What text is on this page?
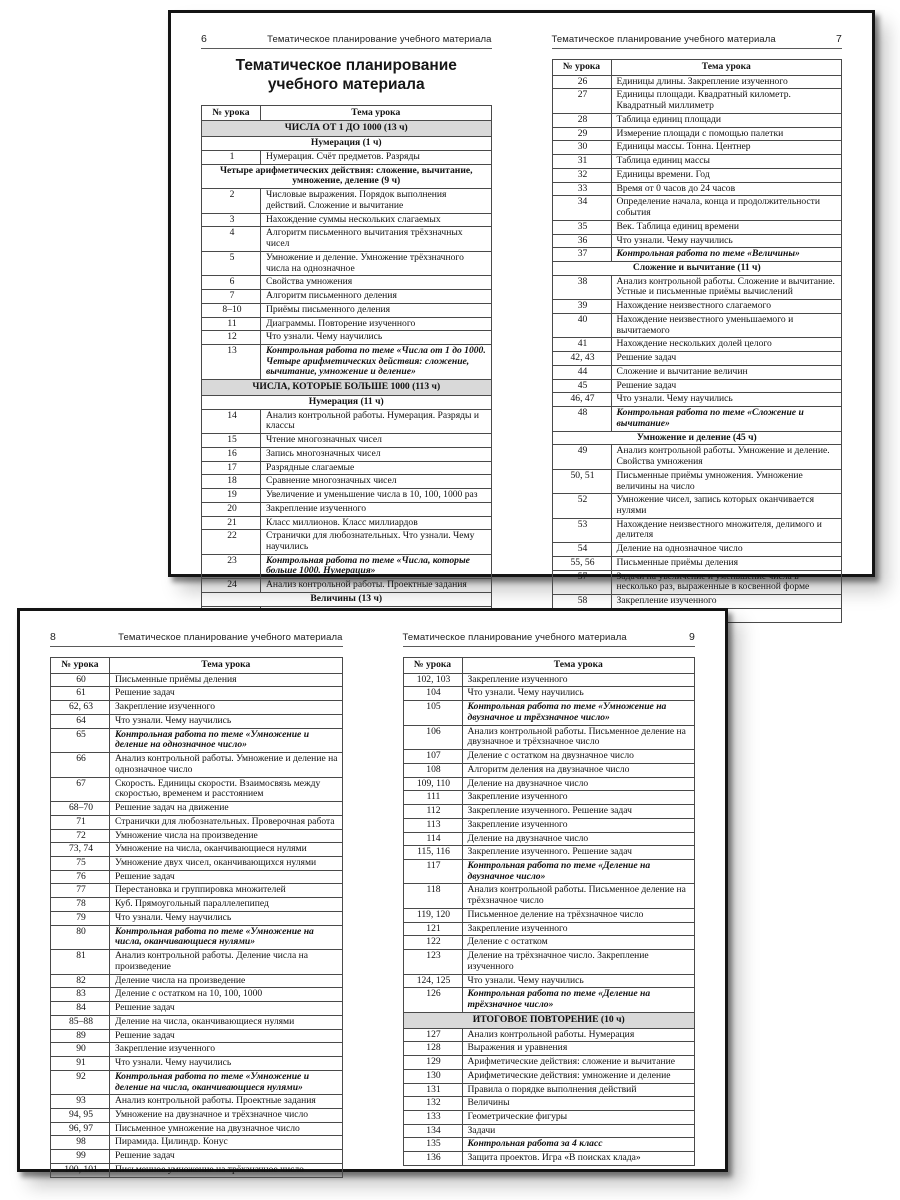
6	Тематическое планирование учебного материала
Тематическое планирование
учебного материала
№ урока	Тема урока
ЧИСЛА ОТ 1 ДО 1000 (13 ч)	
Нумерация (1 ч)	
1	Нумерация. Счёт предметов. Разряды
Четыре арифметических действия: сложение, вычитание, умножение, деление (9 ч)	
2	Числовые выражения. Порядок выполнения действий. Сложение и вычитание
3	Нахождение суммы нескольких слагаемых
4	Алгоритм письменного вычитания трёхзначных чисел
5	Умножение и деление. Умножение трёхзначного числа на однозначное
6	Свойства умножения
7	Алгоритм письменного деления
8–10	Приёмы письменного деления
11	Диаграммы. Повторение изученного
12	Что узнали. Чему научились
13	Контрольная работа по теме «Числа от 1 до 1000. Четыре арифметических действия: сложение, вычитание, умножение и деление»
ЧИСЛА, КОТОРЫЕ БОЛЬШЕ 1000 (113 ч)	
Нумерация (11 ч)	
14	Анализ контрольной работы. Нумерация. Разряды и классы
15	Чтение многозначных чисел
16	Запись многозначных чисел
17	Разрядные слагаемые
18	Сравнение многозначных чисел
19	Увеличение и уменьшение числа в 10, 100, 1000 раз
20	Закрепление изученного
21	Класс миллионов. Класс миллиардов
22	Странички для любознательных. Что узнали. Чему научились
23	Контрольная работа по теме «Числа, которые больше 1000. Нумерация»
24	Анализ контрольной работы. Проектные задания
Величины (13 ч)	

Тематическое планирование учебного материала	7
№ урока	Тема урока
26	Единицы длины. Закрепление изученного
27	Единицы площади. Квадратный километр. Квадратный миллиметр
28	Таблица единиц площади
29	Измерение площади с помощью палетки
30	Единицы массы. Тонна. Центнер
31	Таблица единиц массы
32	Единицы времени. Год
33	Время от 0 часов до 24 часов
34	Определение начала, конца и продолжительности события
35	Век. Таблица единиц времени
36	Что узнали. Чему научились
37	Контрольная работа по теме «Величины»
Сложение и вычитание (11 ч)	
38	Анализ контрольной работы. Сложение и вычитание. Устные и письменные приёмы вычислений
39	Нахождение неизвестного слагаемого
40	Нахождение неизвестного уменьшаемого и вычитаемого
41	Нахождение нескольких долей целого
42, 43	Решение задач
44	Сложение и вычитание величин
45	Решение задач
46, 47	Что узнали. Чему научились
48	Контрольная работа по теме «Сложение и вычитание»
Умножение и деление (45 ч)	
49	Анализ контрольной работы. Умножение и деление. Свойства умножения
50, 51	Письменные приёмы умножения. Умножение величины на число
52	Умножение чисел, запись которых оканчивается нулями
53	Нахождение неизвестного множителя, делимого и делителя
54	Деление на однозначное число
55, 56	Письменные приёмы деления
57	Задачи на увеличение и уменьшение числа в несколько раз, выраженные в косвенной форме
58	Закрепление изученного

8	Тематическое планирование учебного материала
№ урока	Тема урока
60	Письменные приёмы деления
61	Решение задач
62, 63	Закрепление изученного
64	Что узнали. Чему научились
65	Контрольная работа по теме «Умножение и деление на однозначное число»
66	Анализ контрольной работы. Умножение и деление на однозначное число
67	Скорость. Единицы скорости. Взаимосвязь между скоростью, временем и расстоянием
68–70	Решение задач на движение
71	Странички для любознательных. Проверочная работа
72	Умножение числа на произведение
73, 74	Умножение на числа, оканчивающиеся нулями
75	Умножение двух чисел, оканчивающихся нулями
76	Решение задач
77	Перестановка и группировка множителей
78	Куб. Прямоугольный параллелепипед
79	Что узнали. Чему научились
80	Контрольная работа по теме «Умножение на числа, оканчивающиеся нулями»
81	Анализ контрольной работы. Деление числа на произведение
82	Деление числа на произведение
83	Деление с остатком на 10, 100, 1000
84	Решение задач
85–88	Деление на числа, оканчивающиеся нулями
89	Решение задач
90	Закрепление изученного
91	Что узнали. Чему научились
92	Контрольная работа по теме «Умножение и деление на числа, оканчивающиеся нулями»
93	Анализ контрольной работы. Проектные задания
94, 95	Умножение на двузначное и трёхзначное число
96, 97	Письменное умножение на двузначное число
98	Пирамида. Цилиндр. Конус
99	Решение задач
100, 101	Письменное умножение на трёхзначное число
Тематическое планирование учебного материала	9
№ урока	Тема урока
102, 103	Закрепление изученного
104	Что узнали. Чему научились
105	Контрольная работа по теме «Умножение на двузначное и трёхзначное число»
106	Анализ контрольной работы. Письменное деление на двузначное и трёхзначное число
107	Деление с остатком на двузначное число
108	Алгоритм деления на двузначное число
109, 110	Деление на двузначное число
111	Закрепление изученного
112	Закрепление изученного. Решение задач
113	Закрепление изученного
114	Деление на двузначное число
115, 116	Закрепление изученного. Решение задач
117	Контрольная работа по теме «Деление на двузначное число»
118	Анализ контрольной работы. Письменное деление на трёхзначное число
119, 120	Письменное деление на трёхзначное число
121	Закрепление изученного
122	Деление с остатком
123	Деление на трёхзначное число. Закрепление изученного
124, 125	Что узнали. Чему научились
126	Контрольная работа по теме «Деление на трёхзначное число»
ИТОГОВОЕ ПОВТОРЕНИЕ (10 ч)	
127	Анализ контрольной работы. Нумерация
128	Выражения и уравнения
129	Арифметические действия: сложение и вычитание
130	Арифметические действия: умножение и деление
131	Правила о порядке выполнения действий
132	Величины
133	Геометрические фигуры
134	Задачи
135	Контрольная работа за 4 класс
136	Защита проектов. Игра «В поисках клада»
